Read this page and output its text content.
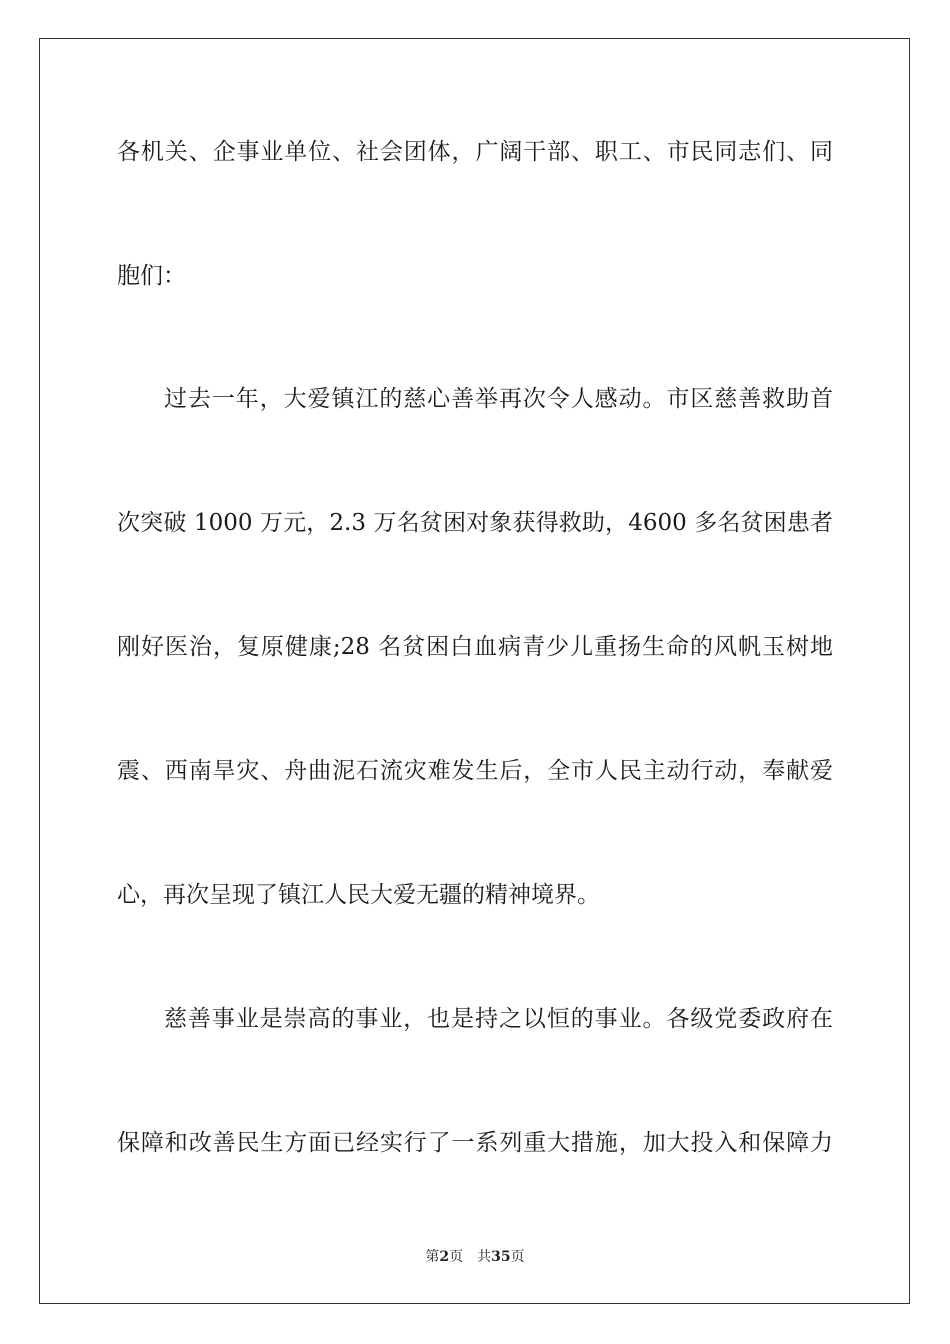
各机关、企事业单位、社会团体，广阔干部、职工、市民同志们、同
胞们：
过去一年，大爱镇江的慈心善举再次令人感动。市区慈善救助首
次突破 1000 万元，2.3 万名贫困对象获得救助，4600 多名贫困患者
刚好医治，复原健康;28 名贫困白血病青少儿重扬生命的风帆玉树地
震、西南旱灾、舟曲泥石流灾难发生后，全市人民主动行动，奉献爱
心，再次呈现了镇江人民大爱无疆的精神境界。
慈善事业是崇高的事业，也是持之以恒的事业。各级党委政府在
保障和改善民生方面已经实行了一系列重大措施，加大投入和保障力
第2页 共35页
